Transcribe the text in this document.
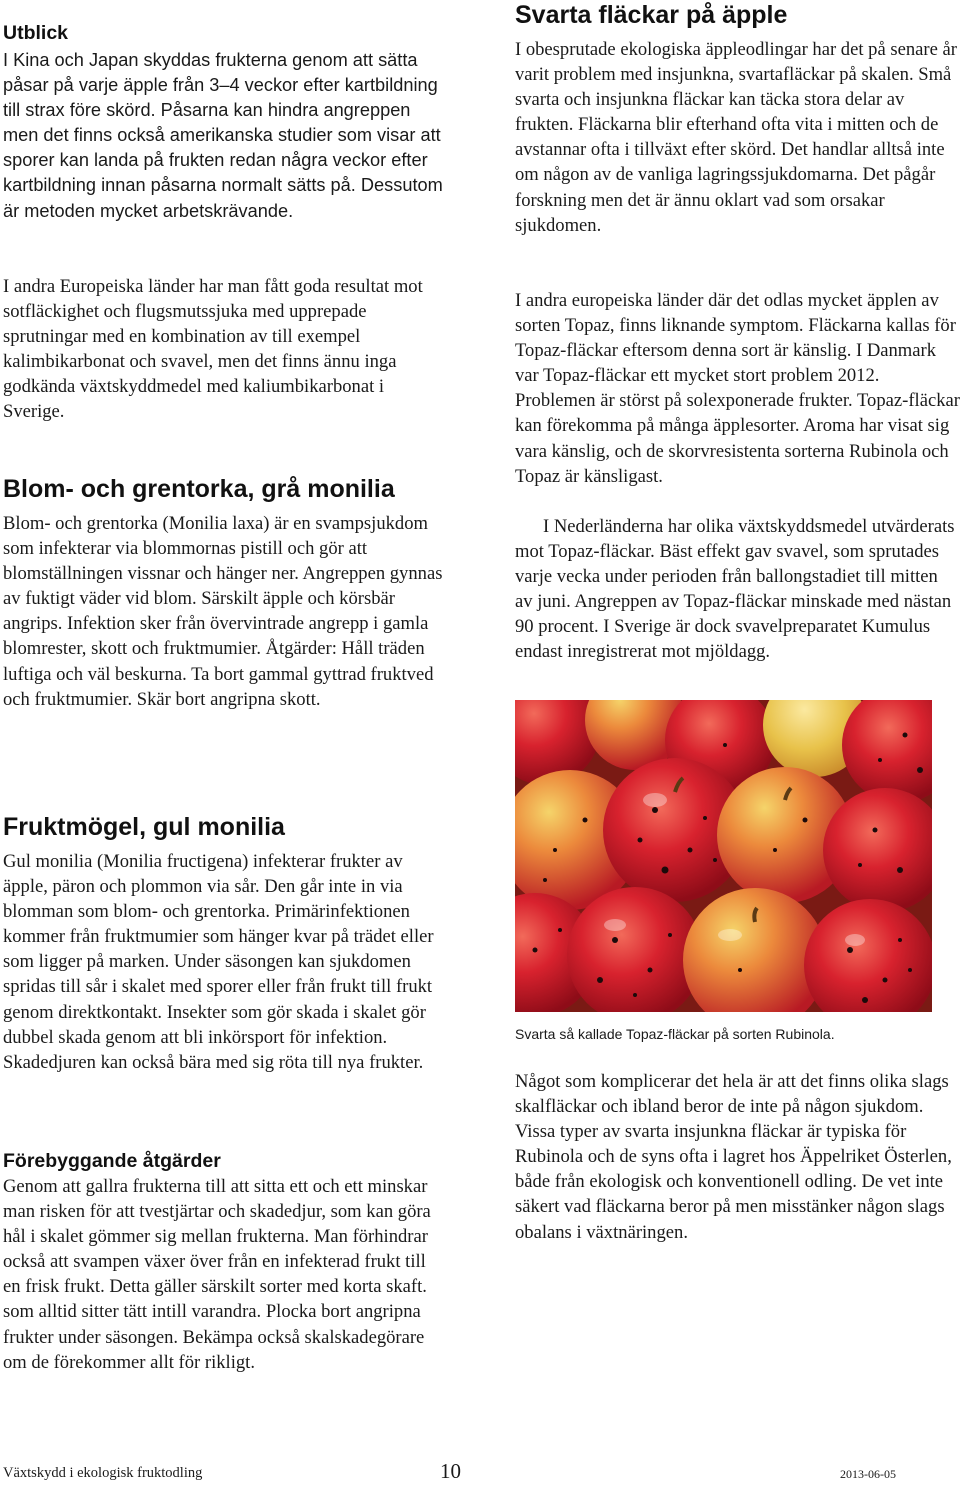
Utblick

I Kina och Japan skyddas frukterna genom att sätta påsar på varje äpple från 3–4 veckor efter kartbildning till strax före skörd. Påsarna kan hindra angreppen men det finns också amerikanska studier som visar att sporer kan landa på frukten redan några veckor efter kartbildning innan påsarna normalt sätts på. Dessutom är metoden mycket arbetskrävande.

I andra Europeiska länder har man fått goda resultat mot sotfläckighet och flugsmutssjuka med upprepade sprutningar med en kombination av till exempel kalimbikarbonat och svavel, men det finns ännu inga godkända växtskyddmedel med kaliumbikarbonat i Sverige.

Blom- och grentorka, grå monilia

Blom- och grentorka (Monilia laxa) är en svampsjukdom som infekterar via blommornas pistill och gör att blomställningen vissnar och hänger ner. Angreppen gynnas av fuktigt väder vid blom. Särskilt äpple och körsbär angrips. Infektion sker från övervintrade angrepp i gamla blomrester, skott och fruktmumier. Åtgärder: Håll träden luftiga och väl beskurna. Ta bort gammal gyttrad fruktved och fruktmumier. Skär bort angripna skott.

Fruktmögel, gul monilia

Gul monilia (Monilia fructigena) infekterar frukter av äpple, päron och plommon via sår. Den går inte in via blomman som blom- och grentorka. Primärinfektionen kommer från fruktmumier som hänger kvar på trädet eller som ligger på marken. Under säsongen kan sjukdomen spridas till sår i skalet med sporer eller från frukt till frukt genom direktkontakt. Insekter som gör skada i skalet gör dubbel skada genom att bli inkörsport för infektion. Skadedjuren kan också bära med sig röta till nya frukter.

Förebyggande åtgärder

Genom att gallra frukterna till att sitta ett och ett minskar man risken för att tvestjärtar och skadedjur, som kan göra hål i skalet gömmer sig mellan frukterna. Man förhindrar också att svampen växer över från en infekterad frukt till en frisk frukt. Detta gäller särskilt sorter med korta skaft. som alltid sitter tätt intill varandra. Plocka bort angripna frukter under säsongen. Bekämpa också skalskadegörare om de förekommer allt för rikligt.

Svarta fläckar på äpple

I obesprutade ekologiska äppleodlingar har det på senare år varit problem med insjunkna, svartafläckar på skalen. Små svarta och insjunkna fläckar kan täcka stora delar av frukten. Fläckarna blir efterhand ofta vita i mitten och de avstannar ofta i tillväxt efter skörd. Det handlar alltså inte om någon av de vanliga lagringssjukdomarna. Det pågår forskning men det är ännu oklart vad som orsakar sjukdomen.

I andra europeiska länder där det odlas mycket äpplen av sorten Topaz, finns liknande symptom. Fläckarna kallas för Topaz-fläckar eftersom denna sort är känslig. I Danmark var Topaz-fläckar ett mycket stort problem 2012. Problemen är störst på solexponerade frukter. Topaz-fläckar kan förekomma på många äpplesorter. Aroma har visat sig vara känslig, och de skorvresistenta sorterna Rubinola och Topaz är känsligast.

I Nederländerna har olika växtskyddsmedel utvärderats mot Topaz-fläckar. Bäst effekt gav svavel, som sprutades varje vecka under perioden från ballongstadiet till mitten av juni. Angreppen av Topaz-fläckar minskade med nästan 90 procent. I Sverige är dock svavelpreparatet Kumulus endast inregistrerat mot mjöldagg.

Något som komplicerar det hela är att det finns olika slags skalfläckar och ibland beror de inte på någon sjukdom. Vissa typer av svarta insjunkna fläckar är typiska för Rubinola och de syns ofta i lagret hos Äppelriket Österlen, både från ekologisk och konventionell odling. De vet inte säkert vad fläckarna beror på men misstänker någon slags obalans i växtnäringen.

Svarta så kallade Topaz-fläckar på sorten Rubinola.

Växtskydd i ekologisk fruktodling	10	2013-06-05
